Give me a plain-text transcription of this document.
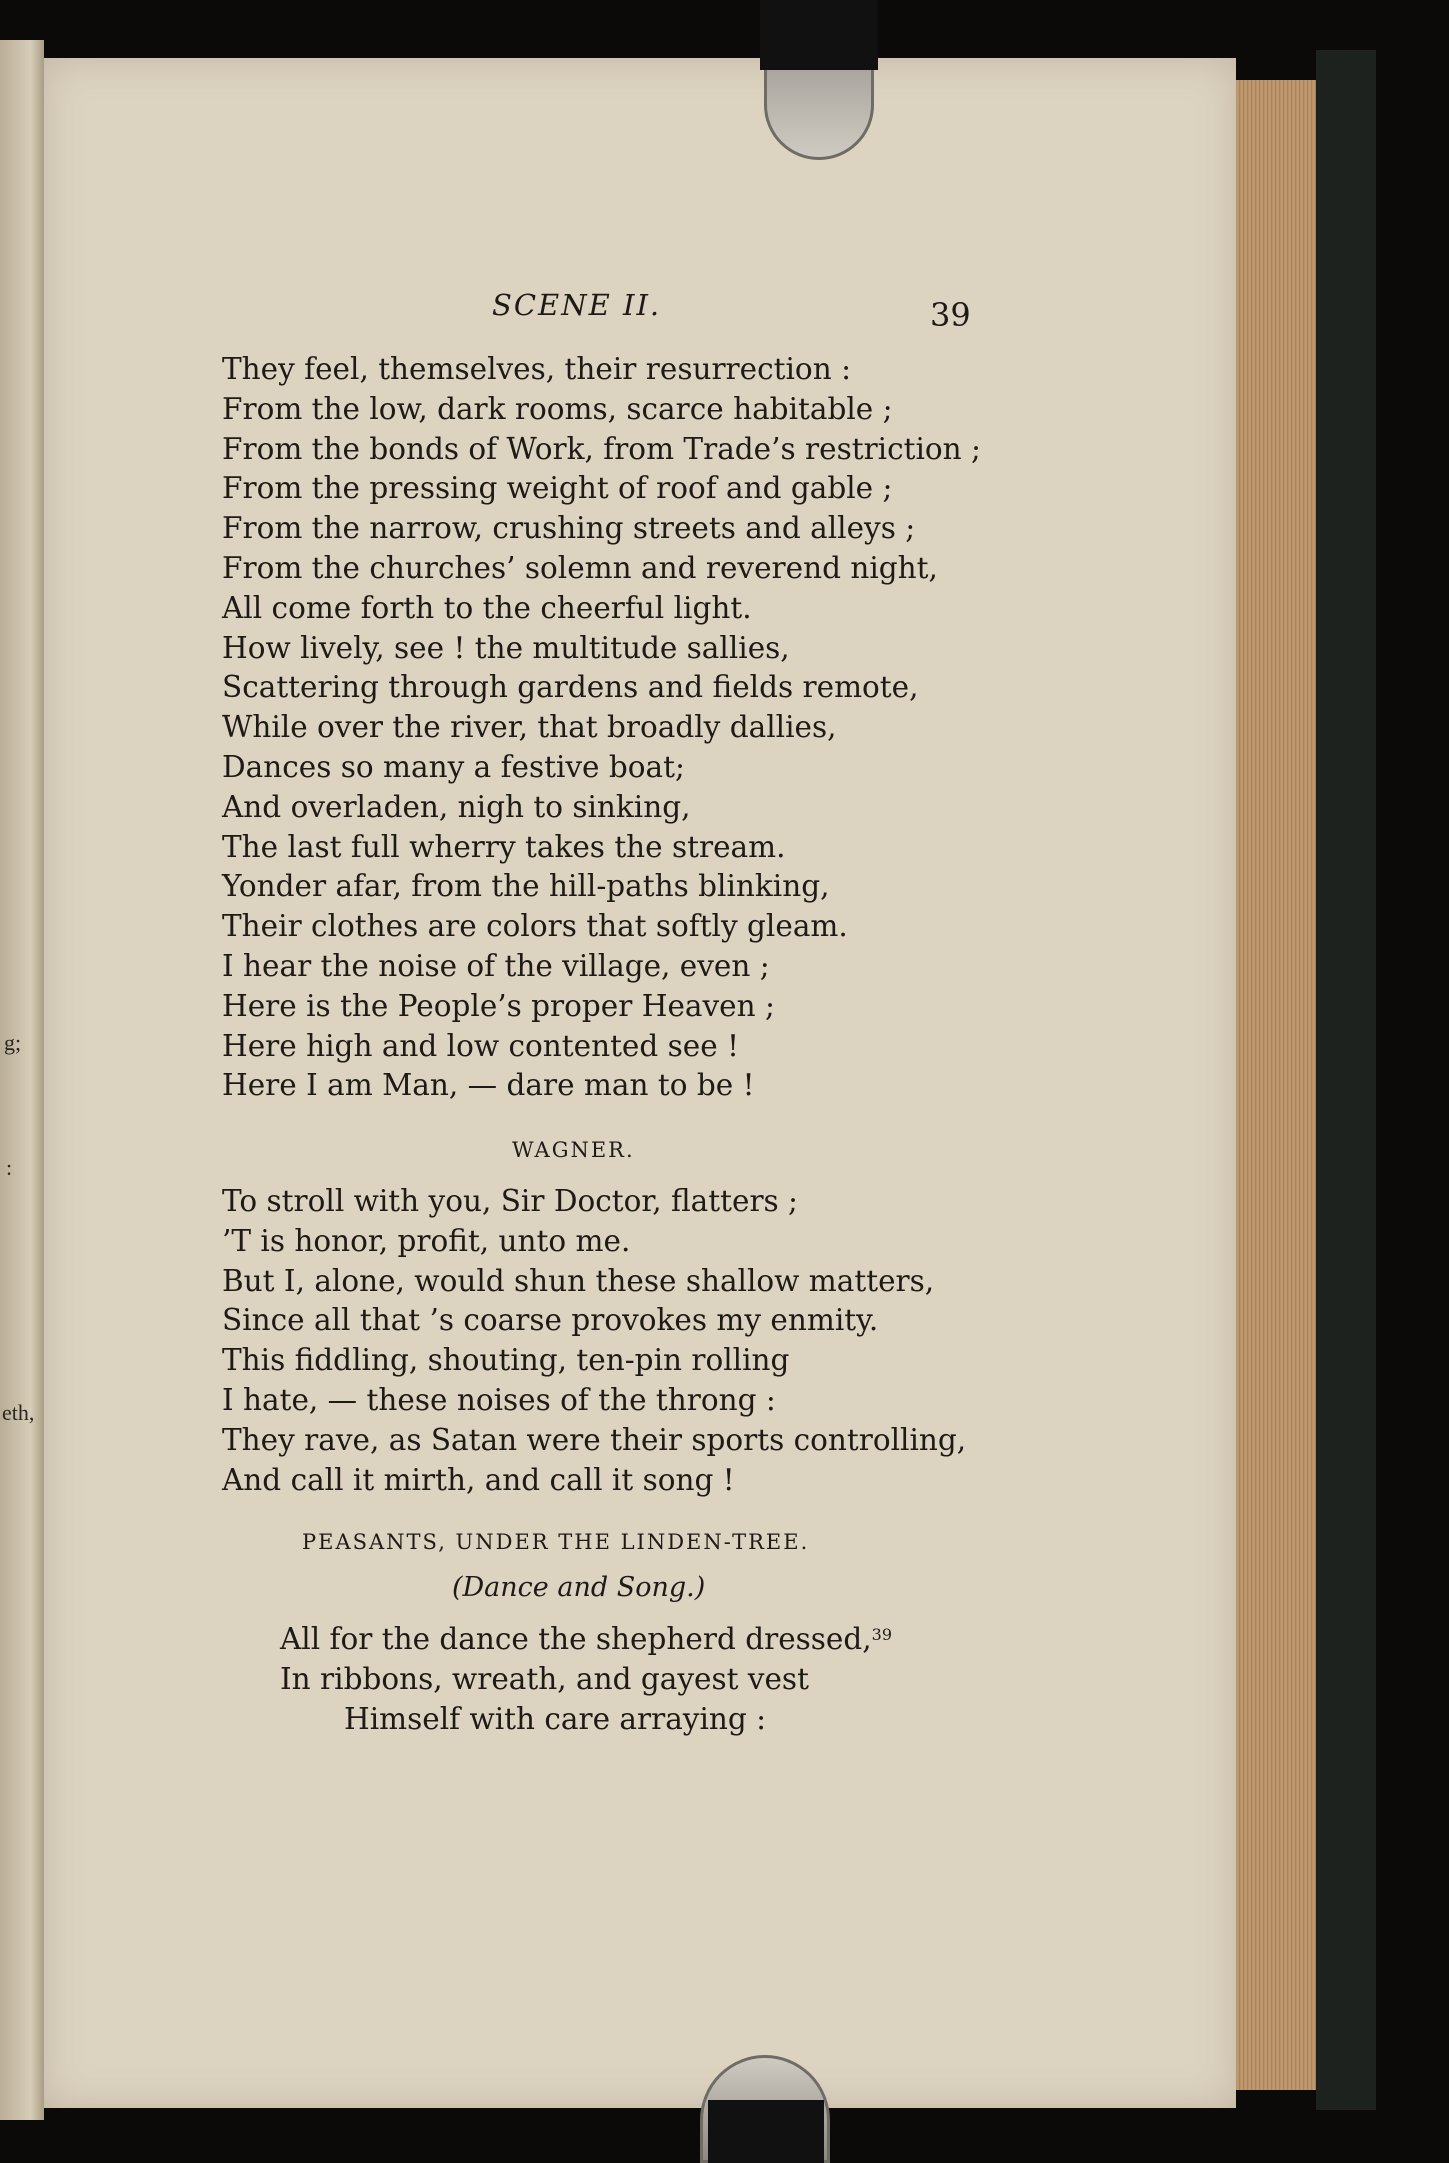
g;
:
eth,
SCENE II.	39
They feel, themselves, their resurrection :
From the low, dark rooms, scarce habitable ;
From the bonds of Work, from Trade’s restriction ;
From the pressing weight of roof and gable ;
From the narrow, crushing streets and alleys ;
From the churches’ solemn and reverend night,
All come forth to the cheerful light.
How lively, see ! the multitude sallies,
Scattering through gardens and fields remote,
While over the river, that broadly dallies,
Dances so many a festive boat;
And overladen, nigh to sinking,
The last full wherry takes the stream.
Yonder afar, from the hill-paths blinking,
Their clothes are colors that softly gleam.
I hear the noise of the village, even ;
Here is the People’s proper Heaven ;
Here high and low contented see !
Here I am Man, — dare man to be !
WAGNER.
To stroll with you, Sir Doctor, flatters ;
’T is honor, profit, unto me.
But I, alone, would shun these shallow matters,
Since all that ’s coarse provokes my enmity.
This fiddling, shouting, ten-pin rolling
I hate, — these noises of the throng :
They rave, as Satan were their sports controlling,
And call it mirth, and call it song !
PEASANTS, UNDER THE LINDEN-TREE.
(Dance and Song.)
All for the dance the shepherd dressed,$^{39}$
In ribbons, wreath, and gayest vest
Himself with care arraying :
